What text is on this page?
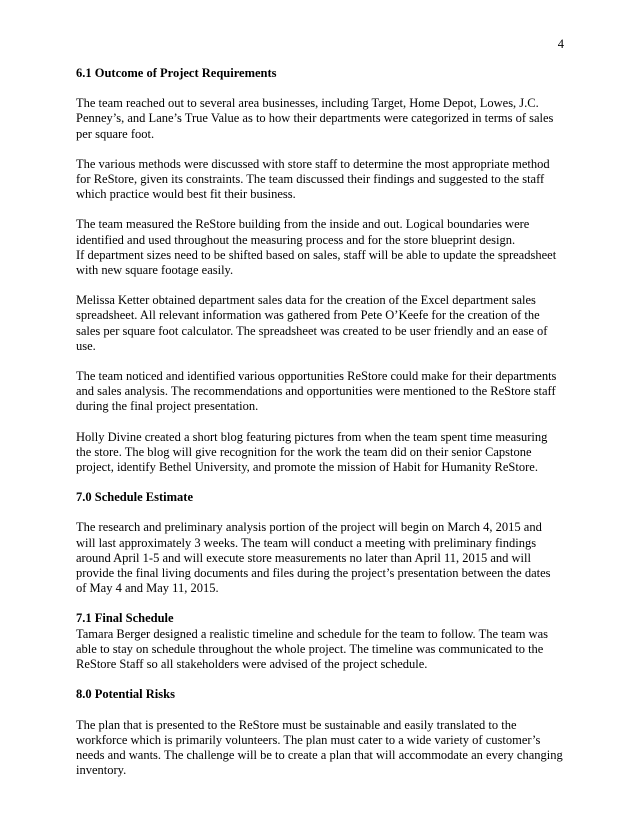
4
6.1 Outcome of Project Requirements

The team reached out to several area businesses, including Target, Home Depot, Lowes, J.C. Penney’s, and Lane’s True Value as to how their departments were categorized in terms of sales per square foot.

The various methods were discussed with store staff to determine the most appropriate method for ReStore, given its constraints. The team discussed their findings and suggested to the staff which practice would best fit their business.

The team measured the ReStore building from the inside and out. Logical boundaries were identified and used throughout the measuring process and for the store blueprint design.
If department sizes need to be shifted based on sales, staff will be able to update the spreadsheet with new square footage easily.

Melissa Ketter obtained department sales data for the creation of the Excel department sales spreadsheet. All relevant information was gathered from Pete O’Keefe for the creation of the sales per square foot calculator. The spreadsheet was created to be user friendly and an ease of use.

The team noticed and identified various opportunities ReStore could make for their departments and sales analysis. The recommendations and opportunities were mentioned to the ReStore staff during the final project presentation.

Holly Divine created a short blog featuring pictures from when the team spent time measuring the store. The blog will give recognition for the work the team did on their senior Capstone project, identify Bethel University, and promote the mission of Habit for Humanity ReStore.

7.0 Schedule Estimate

The research and preliminary analysis portion of the project will begin on March 4, 2015 and will last approximately 3 weeks. The team will conduct a meeting with preliminary findings around April 1-5 and will execute store measurements no later than April 11, 2015 and will provide the final living documents and files during the project’s presentation between the dates of May 4 and May 11, 2015.

7.1 Final Schedule

Tamara Berger designed a realistic timeline and schedule for the team to follow. The team was able to stay on schedule throughout the whole project. The timeline was communicated to the ReStore Staff so all stakeholders were advised of the project schedule.

8.0 Potential Risks

The plan that is presented to the ReStore must be sustainable and easily translated to the workforce which is primarily volunteers. The plan must cater to a wide variety of customer’s needs and wants. The challenge will be to create a plan that will accommodate an every changing inventory.
